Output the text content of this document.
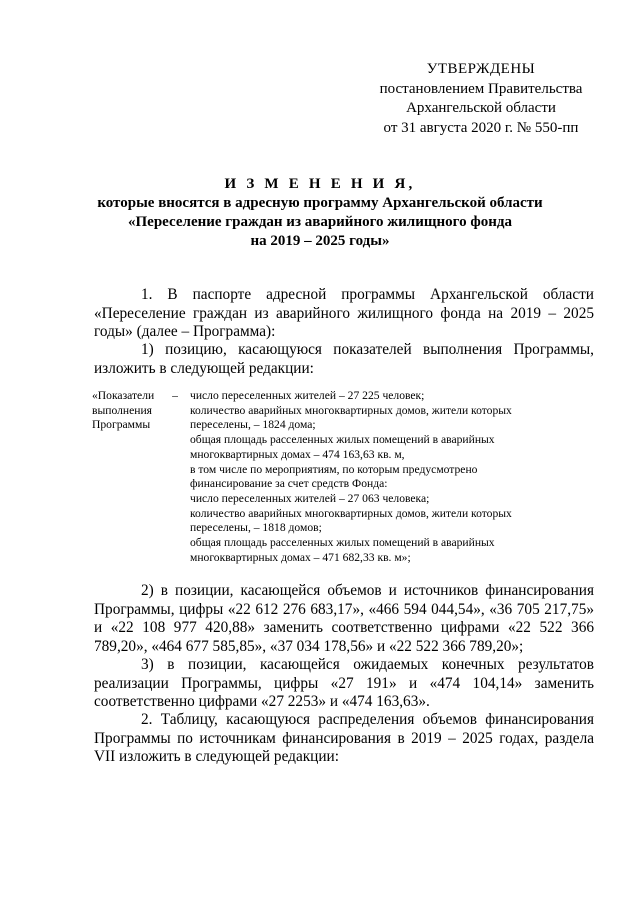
УТВЕРЖДЕНЫ
постановлением Правительства
Архангельской области
от 31 августа 2020 г. № 550-пп
И З М Е Н Е Н И Я,
которые вносятся в адресную программу Архангельской области
«Переселение граждан из аварийного жилищного фонда
на 2019 – 2025 годы»

1. В паспорте адресной программы Архангельской области «Переселение граждан из аварийного жилищного фонда на 2019 – 2025 годы» (далее – Программа):

1) позицию, касающуюся показателей выполнения Программы, изложить в следующей редакции:

«Показатели
выполнения
Программы
–	число переселенных жителей – 27 225 человек;
количество аварийных многоквартирных домов, жители которых
переселены, – 1824 дома;
общая площадь расселенных жилых помещений в аварийных
многоквартирных домах – 474 163,63 кв. м,
в том числе по мероприятиям, по которым предусмотрено
финансирование за счет средств Фонда:
число переселенных жителей – 27 063 человека;
количество аварийных многоквартирных домов, жители которых
переселены, – 1818 домов;
общая площадь расселенных жилых помещений в аварийных
многоквартирных домах – 471 682,33 кв. м»;

2) в позиции, касающейся объемов и источников финансирования Программы, цифры «22 612 276 683,17», «466 594 044,54», «36 705 217,75» и «22 108 977 420,88» заменить соответственно цифрами «22 522 366 789,20», «464 677 585,85», «37 034 178,56» и «22 522 366 789,20»;

3) в позиции, касающейся ожидаемых конечных результатов реализации Программы, цифры «27 191» и «474 104,14» заменить соответственно цифрами «27 2253» и «474 163,63».

2. Таблицу, касающуюся распределения объемов финансирования Программы по источникам финансирования в 2019 – 2025 годах, раздела VII изложить в следующей редакции:
